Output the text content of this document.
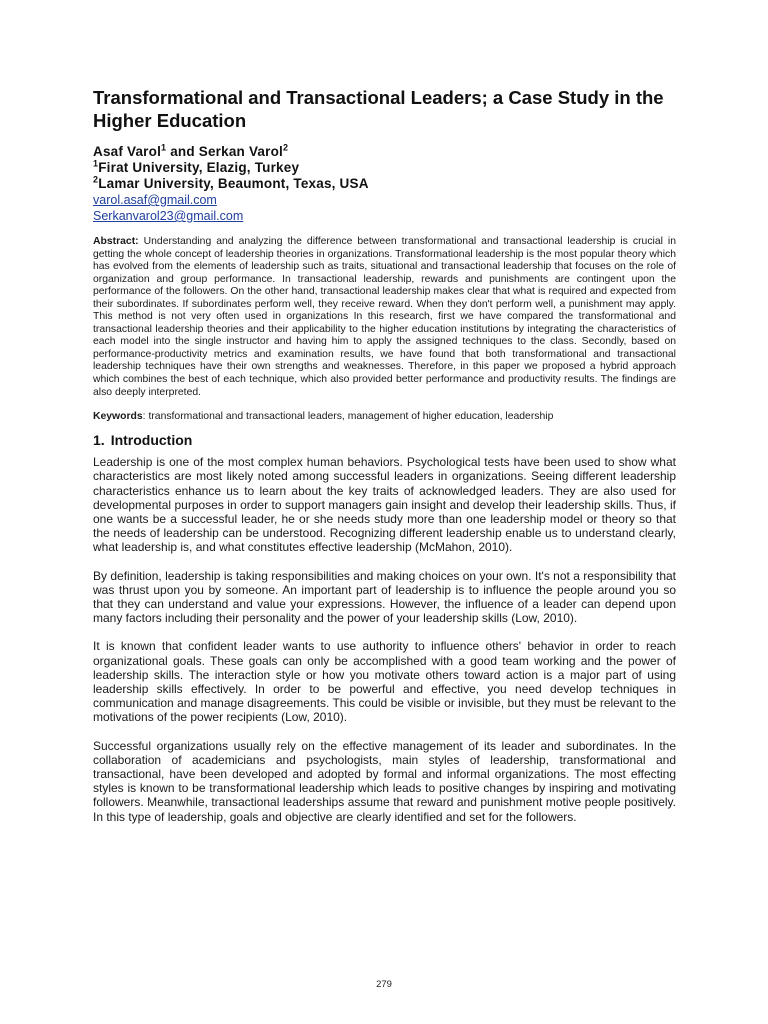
Transformational and Transactional Leaders; a Case Study in the Higher Education
Asaf Varol$^1$ and Serkan Varol$^2$
$^1$Firat University, Elazig, Turkey
$^2$Lamar University, Beaumont, Texas, USA
varol.asaf@gmail.com
Serkanvarol23@gmail.com
Abstract: Understanding and analyzing the difference between transformational and transactional leadership is crucial in getting the whole concept of leadership theories in organizations. Transformational leadership is the most popular theory which has evolved from the elements of leadership such as traits, situational and transactional leadership that focuses on the role of organization and group performance. In transactional leadership, rewards and punishments are contingent upon the performance of the followers. On the other hand, transactional leadership makes clear that what is required and expected from their subordinates. If subordinates perform well, they receive reward. When they don't perform well, a punishment may apply. This method is not very often used in organizations In this research, first we have compared the transformational and transactional leadership theories and their applicability to the higher education institutions by integrating the characteristics of each model into the single instructor and having him to apply the assigned techniques to the class. Secondly, based on performance-productivity metrics and examination results, we have found that both transformational and transactional leadership techniques have their own strengths and weaknesses. Therefore, in this paper we proposed a hybrid approach which combines the best of each technique, which also provided better performance and productivity results. The findings are also deeply interpreted.
Keywords: transformational and transactional leaders, management of higher education, leadership
1. Introduction

Leadership is one of the most complex human behaviors. Psychological tests have been used to show what characteristics are most likely noted among successful leaders in organizations. Seeing different leadership characteristics enhance us to learn about the key traits of acknowledged leaders. They are also used for developmental purposes in order to support managers gain insight and develop their leadership skills. Thus, if one wants be a successful leader, he or she needs study more than one leadership model or theory so that the needs of leadership can be understood. Recognizing different leadership enable us to understand clearly, what leadership is, and what constitutes effective leadership (McMahon, 2010).

By definition, leadership is taking responsibilities and making choices on your own. It's not a responsibility that was thrust upon you by someone. An important part of leadership is to influence the people around you so that they can understand and value your expressions. However, the influence of a leader can depend upon many factors including their personality and the power of your leadership skills (Low, 2010).

It is known that confident leader wants to use authority to influence others' behavior in order to reach organizational goals. These goals can only be accomplished with a good team working and the power of leadership skills. The interaction style or how you motivate others toward action is a major part of using leadership skills effectively. In order to be powerful and effective, you need develop techniques in communication and manage disagreements. This could be visible or invisible, but they must be relevant to the motivations of the power recipients (Low, 2010).

Successful organizations usually rely on the effective management of its leader and subordinates. In the collaboration of academicians and psychologists, main styles of leadership, transformational and transactional, have been developed and adopted by formal and informal organizations. The most effecting styles is known to be transformational leadership which leads to positive changes by inspiring and motivating followers. Meanwhile, transactional leaderships assume that reward and punishment motive people positively. In this type of leadership, goals and objective are clearly identified and set for the followers.

279
